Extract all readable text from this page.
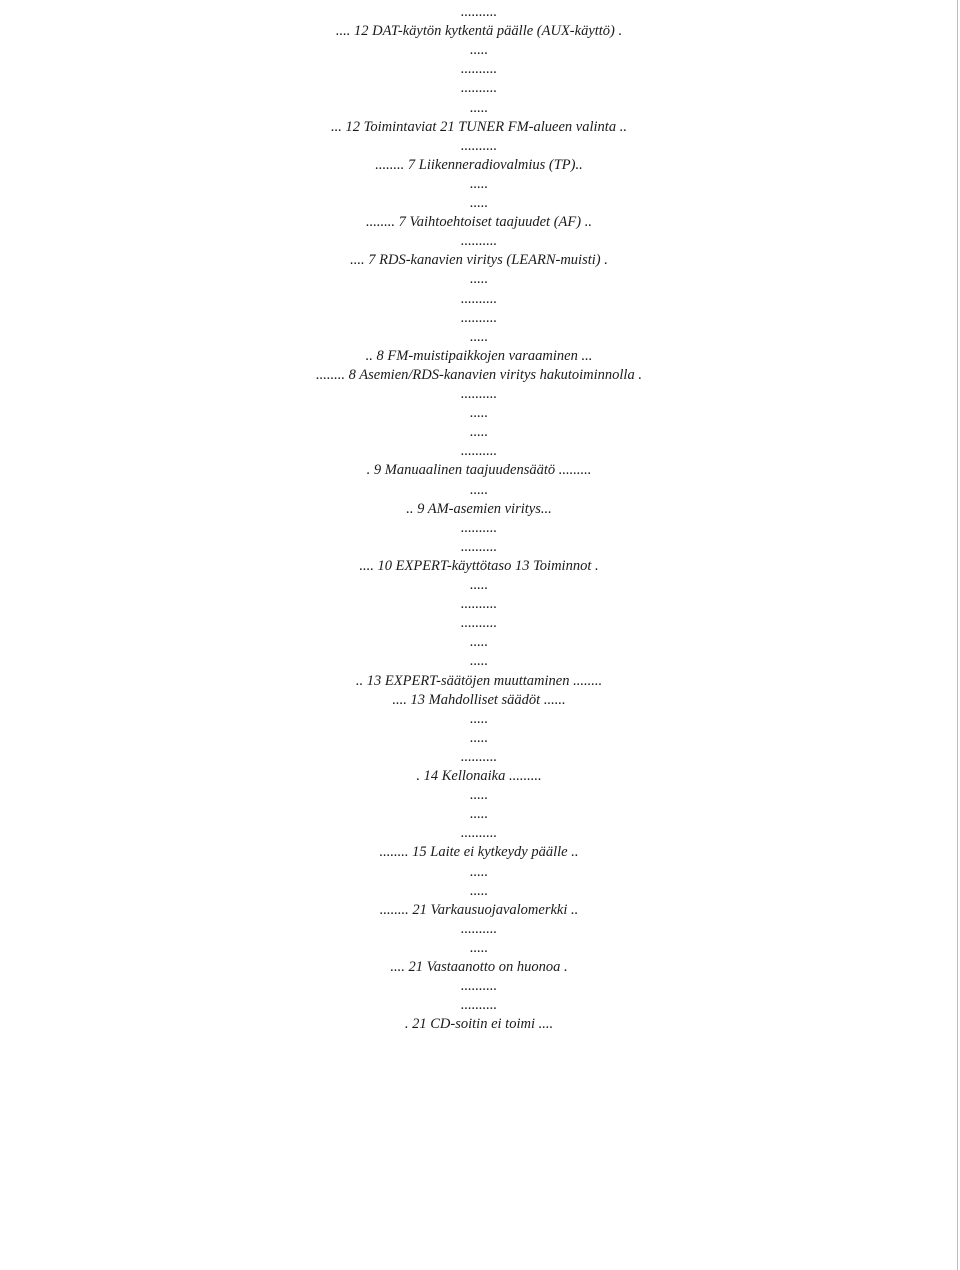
..........
.... 12 DAT-käytön kytkentä päälle (AUX-käyttö) .
.....
..........
..........
.....
... 12 Toimintaviat 21 TUNER FM-alueen valinta ..
..........
........ 7 Liikenneradiovalmius (TP)..
.....
.....
........ 7 Vaihtoehtoiset taajuudet (AF) ..
..........
.... 7 RDS-kanavien viritys (LEARN-muisti) .
.....
..........
..........
.....
.. 8 FM-muistipaikkojen varaaminen ...
........ 8 Asemien/RDS-kanavien viritys hakutoiminnolla .
..........
.....
.....
..........
. 9 Manuaalinen taajuudensäätö .........
.....
.. 9 AM-asemien viritys...
..........
..........
.... 10 EXPERT-käyttötaso 13 Toiminnot .
.....
..........
..........
.....
.....
.. 13 EXPERT-säätöjen muuttaminen ........
.... 13 Mahdolliset säädöt ......
.....
.....
..........
. 14 Kellonaika .........
.....
.....
..........
........ 15 Laite ei kytkeydy päälle ..
.....
.....
........ 21 Varkausuojavalomerkki ..
..........
.....
.... 21 Vastaanotto on huonoa .
..........
..........
. 21 CD-soitin ei toimi ....
